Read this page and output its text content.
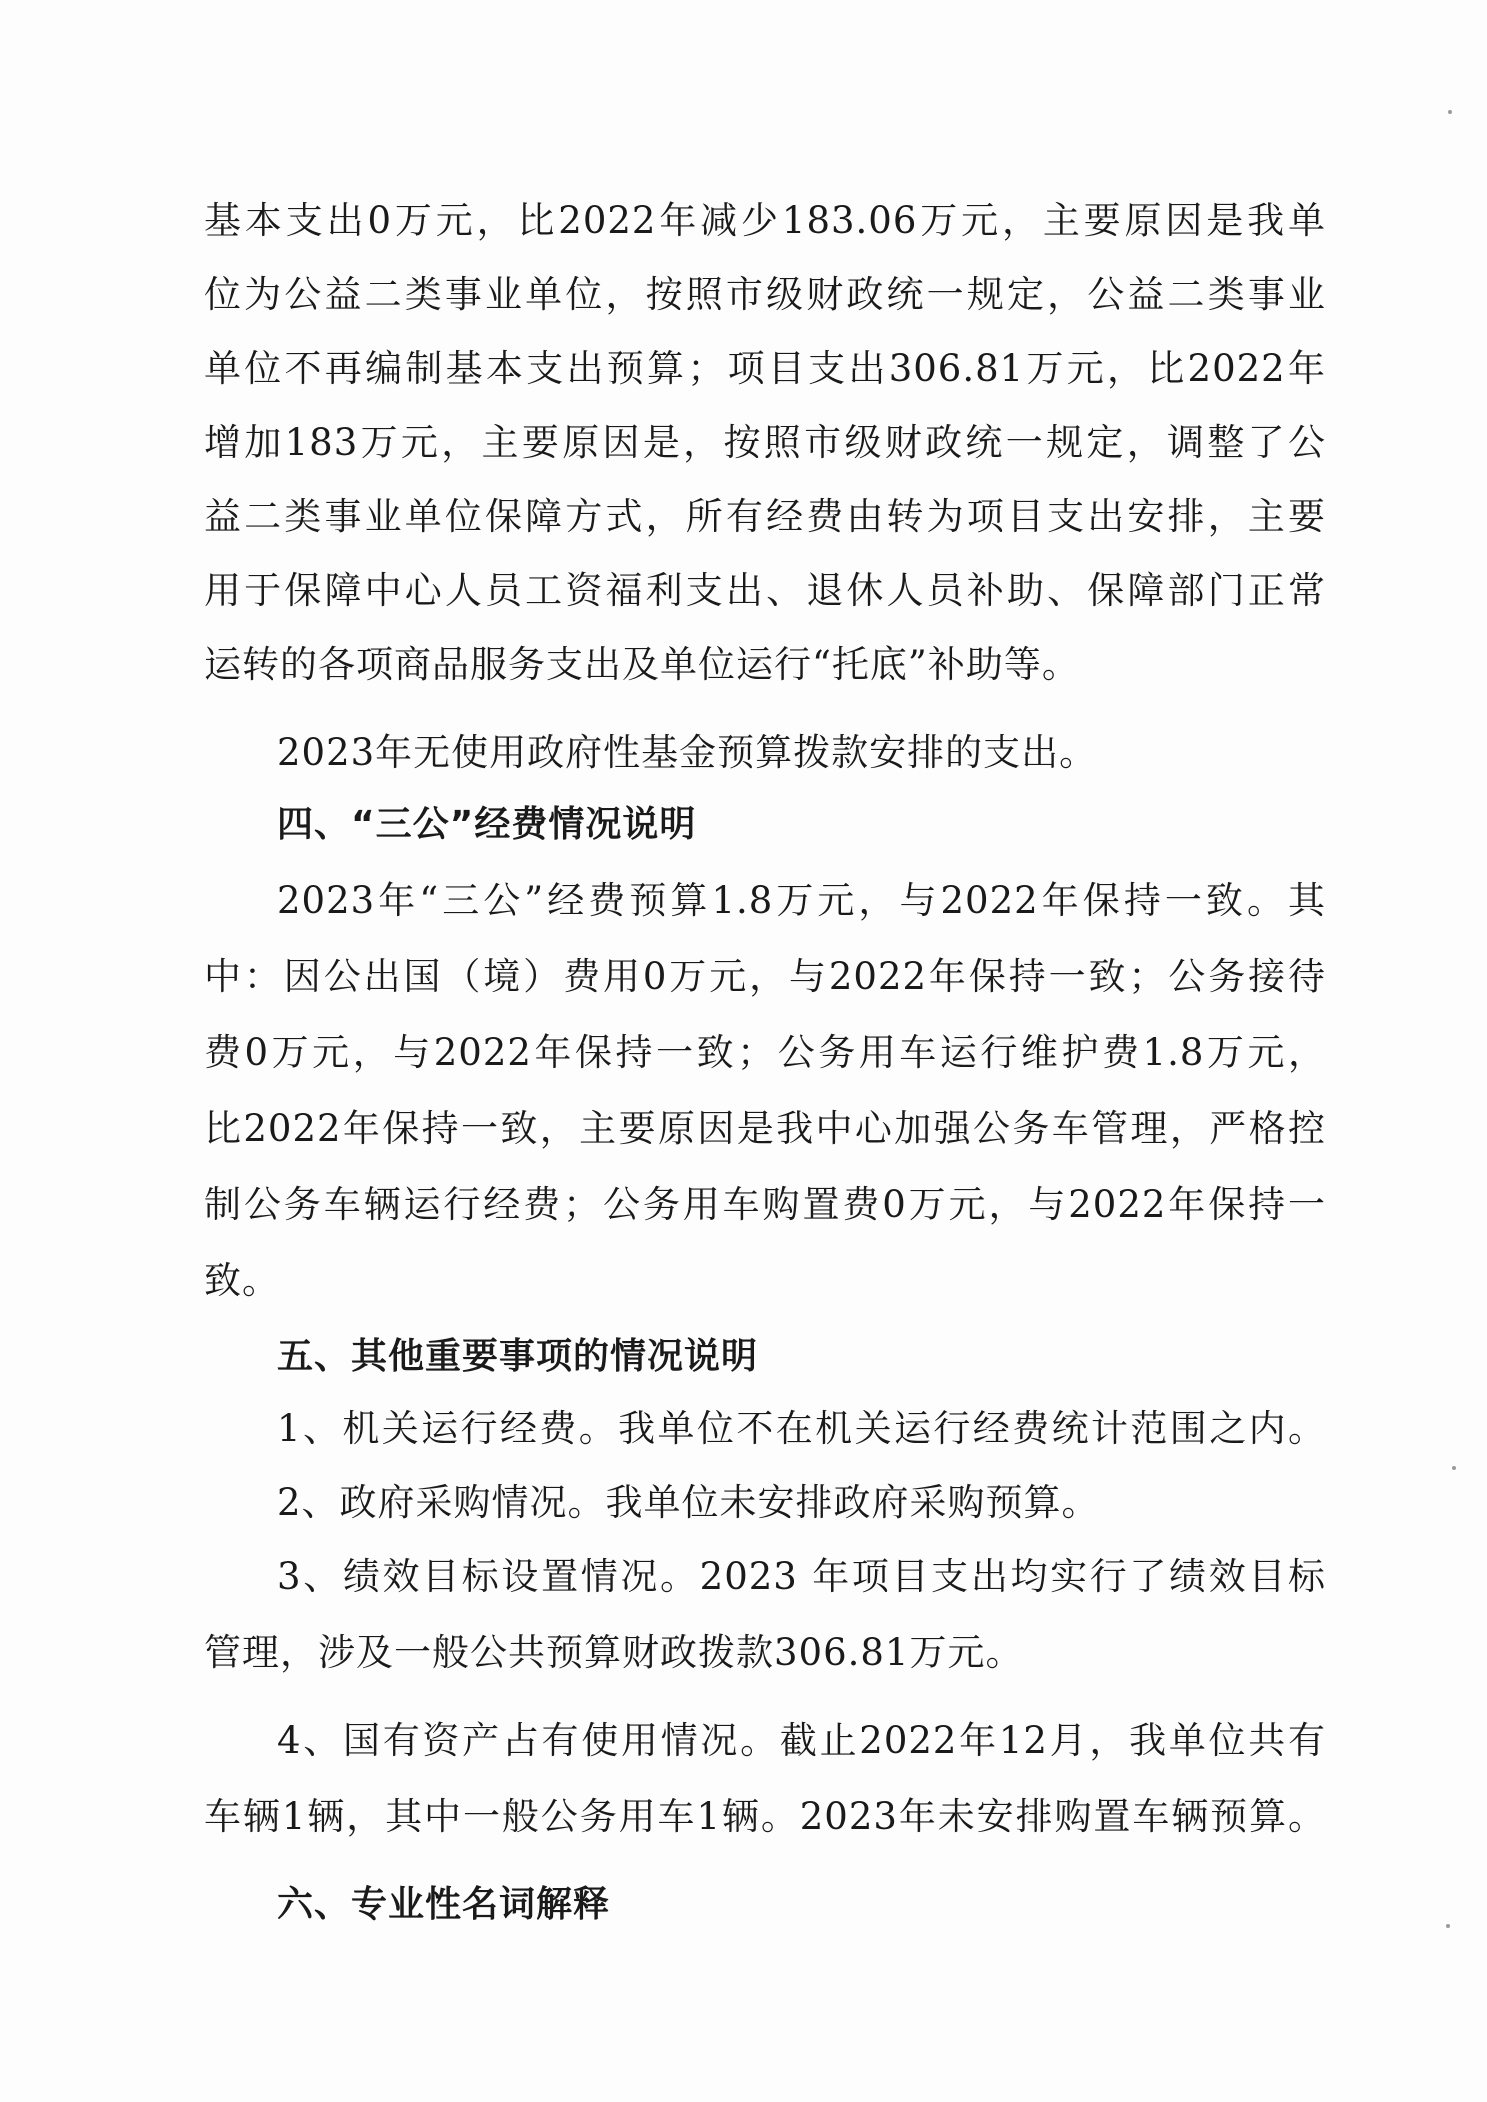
基本支出0万元，比2022年减少183.06万元，主要原因是我单
位为公益二类事业单位，按照市级财政统一规定，公益二类事业
单位不再编制基本支出预算；项目支出306.81万元，比2022年
增加183万元，主要原因是，按照市级财政统一规定，调整了公
益二类事业单位保障方式，所有经费由转为项目支出安排，主要
用于保障中心人员工资福利支出、退休人员补助、保障部门正常
运转的各项商品服务支出及单位运行“托底”补助等。
2023年无使用政府性基金预算拨款安排的支出。
四、“三公”经费情况说明
2023年“三公”经费预算1.8万元，与2022年保持一致。其
中：因公出国（境）费用0万元，与2022年保持一致；公务接待
费0万元，与2022年保持一致；公务用车运行维护费1.8万元，
比2022年保持一致，主要原因是我中心加强公务车管理，严格控
制公务车辆运行经费；公务用车购置费0万元，与2022年保持一
致。
五、其他重要事项的情况说明
1、机关运行经费。我单位不在机关运行经费统计范围之内。
2、政府采购情况。我单位未安排政府采购预算。
3、绩效目标设置情况。2023 年项目支出均实行了绩效目标
管理，涉及一般公共预算财政拨款306.81万元。
4、国有资产占有使用情况。截止2022年12月，我单位共有
车辆1辆，其中一般公务用车1辆。2023年未安排购置车辆预算。
六、专业性名词解释
